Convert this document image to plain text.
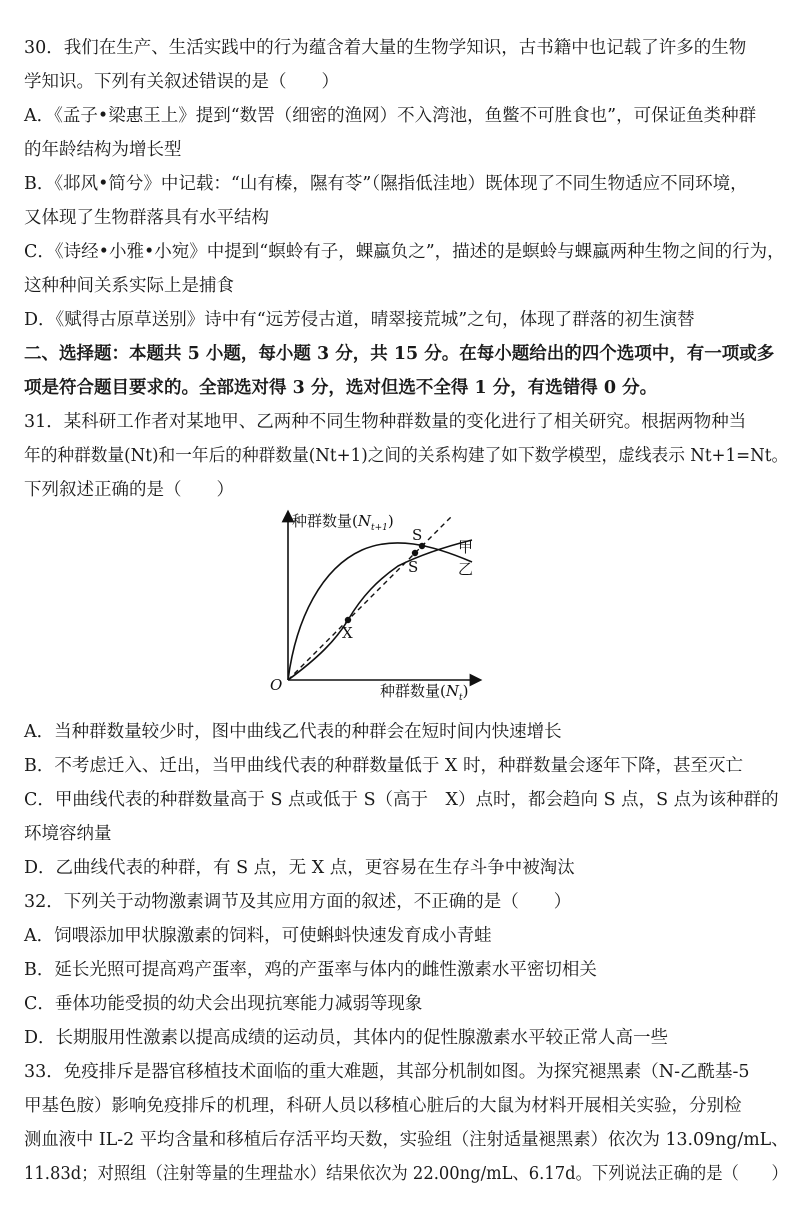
30．我们在生产、生活实践中的行为蕴含着大量的生物学知识，古书籍中也记载了许多的生物
学知识。下列有关叙述错误的是（　　）
A．《孟子•梁惠王上》提到“数罟（细密的渔网）不入湾池，鱼鳖不可胜食也”，可保证鱼类种群
的年龄结构为增长型
B．《邶风•简兮》中记载：“山有榛，隰有苓”（隰指低洼地）既体现了不同生物适应不同环境，
又体现了生物群落具有水平结构
C．《诗经•小雅•小宛》中提到“螟蛉有子，蜾蠃负之”，描述的是螟蛉与蜾蠃两种生物之间的行为，
这种种间关系实际上是捕食
D．《赋得古原草送别》诗中有“远芳侵古道，晴翠接荒城”之句，体现了群落的初生演替
二、选择题：本题共 5 小题，每小题 3 分，共 15 分。在每小题给出的四个选项中，有一项或多
项是符合题目要求的。全部选对得 3 分，选对但选不全得 1 分，有选错得 0 分。
31．某科研工作者对某地甲、乙两种不同生物种群数量的变化进行了相关研究。根据两物种当
年的种群数量(Nt)和一年后的种群数量(Nt+1)之间的关系构建了如下数学模型，虚线表示 Nt+1=Nt。
下列叙述正确的是（　　）
种群数量$(N_{t+1})$
种群数量$(N_t)$
O
S
S
X
甲
乙
A．当种群数量较少时，图中曲线乙代表的种群会在短时间内快速增长
B．不考虑迁入、迁出，当甲曲线代表的种群数量低于 X 时，种群数量会逐年下降，甚至灭亡
C．甲曲线代表的种群数量高于 S 点或低于 S（高于　X）点时，都会趋向 S 点，S 点为该种群的
环境容纳量
D．乙曲线代表的种群，有 S 点，无 X 点，更容易在生存斗争中被淘汰
32．下列关于动物激素调节及其应用方面的叙述，不正确的是（　　）
A．饲喂添加甲状腺激素的饲料，可使蝌蚪快速发育成小青蛙
B．延长光照可提高鸡产蛋率，鸡的产蛋率与体内的雌性激素水平密切相关
C．垂体功能受损的幼犬会出现抗寒能力减弱等现象
D．长期服用性激素以提高成绩的运动员，其体内的促性腺激素水平较正常人高一些
33．免疫排斥是器官移植技术面临的重大难题，其部分机制如图。为探究褪黑素（N-乙酰基-5
甲基色胺）影响免疫排斥的机理，科研人员以移植心脏后的大鼠为材料开展相关实验，分别检
测血液中 IL-2 平均含量和移植后存活平均天数，实验组（注射适量褪黑素）依次为 13.09ng/mL、
11.83d；对照组（注射等量的生理盐水）结果依次为 22.00ng/mL、6.17d。下列说法正确的是（　　）
